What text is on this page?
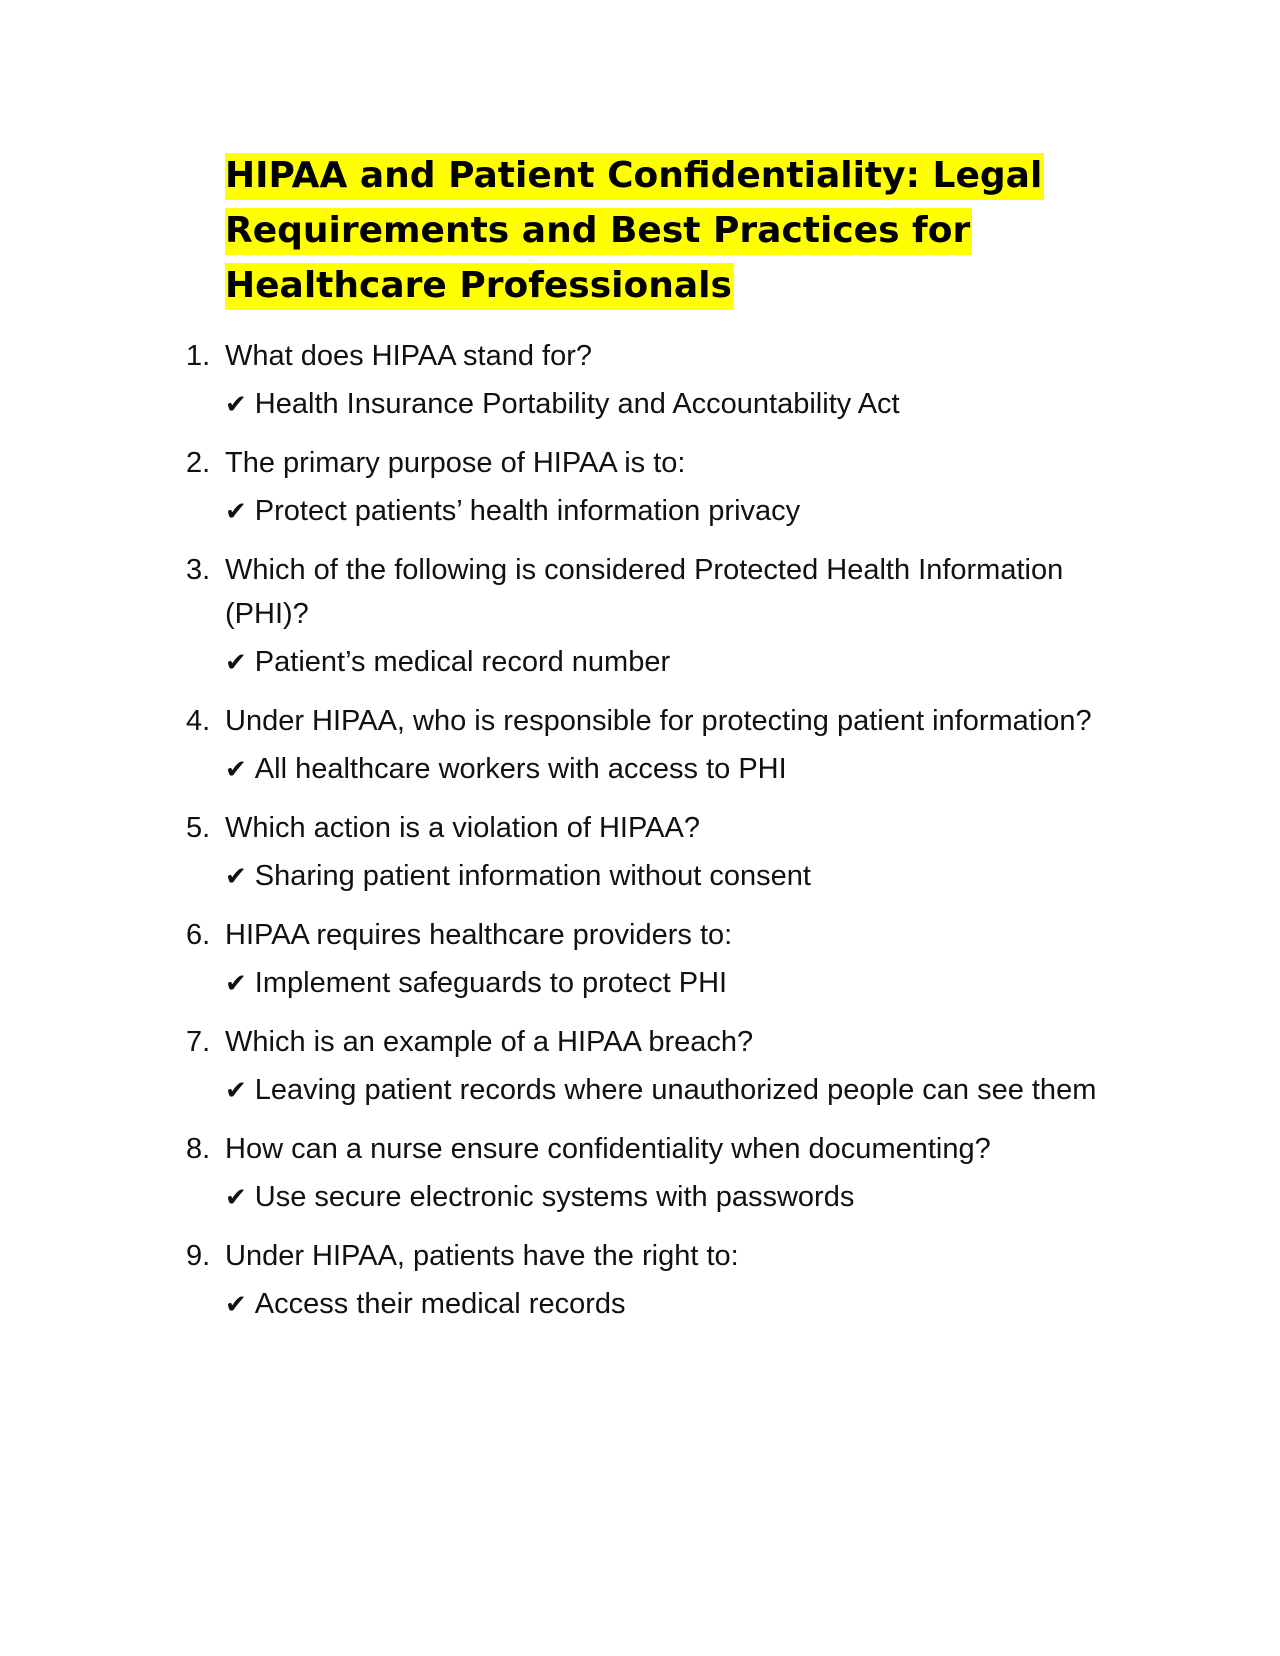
HIPAA and Patient Confidentiality: Legal Requirements and Best Practices for Healthcare Professionals
1. What does HIPAA stand for?
✔ Health Insurance Portability and Accountability Act
2. The primary purpose of HIPAA is to:
✔ Protect patients’ health information privacy
3. Which of the following is considered Protected Health Information (PHI)?
✔ Patient’s medical record number
4. Under HIPAA, who is responsible for protecting patient information?
✔ All healthcare workers with access to PHI
5. Which action is a violation of HIPAA?
✔ Sharing patient information without consent
6. HIPAA requires healthcare providers to:
✔ Implement safeguards to protect PHI
7. Which is an example of a HIPAA breach?
✔ Leaving patient records where unauthorized people can see them
8. How can a nurse ensure confidentiality when documenting?
✔ Use secure electronic systems with passwords
9. Under HIPAA, patients have the right to:
✔ Access their medical records
